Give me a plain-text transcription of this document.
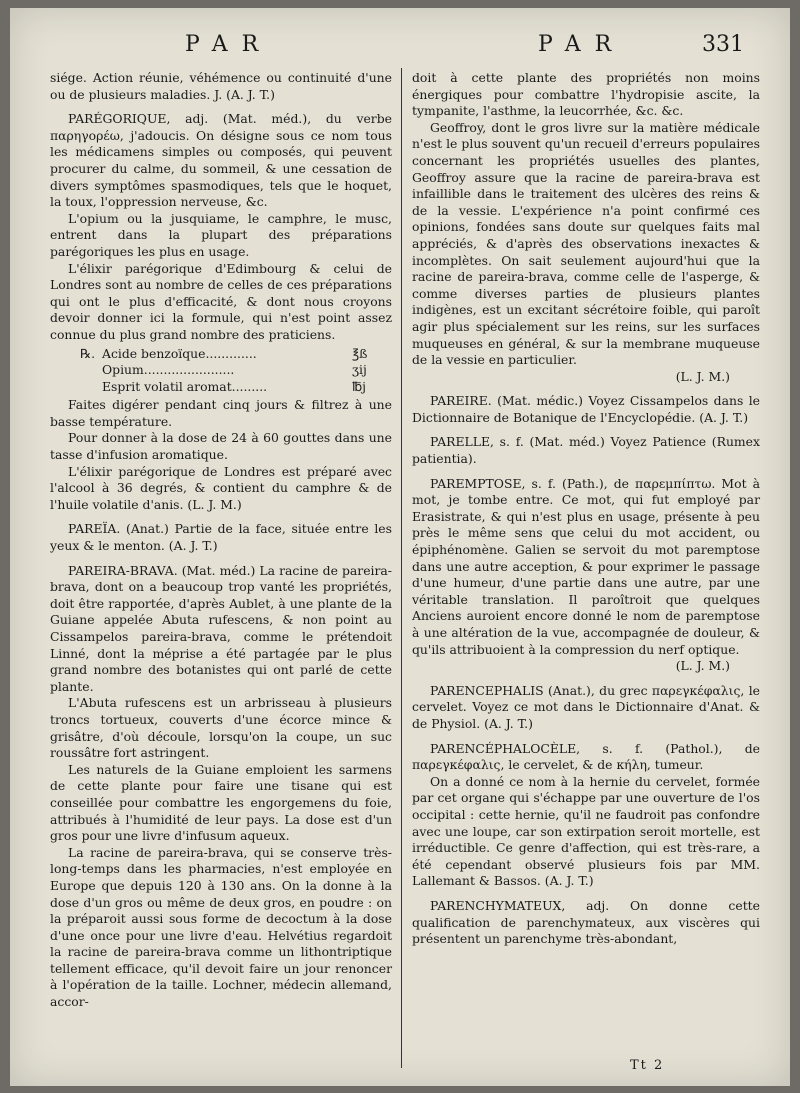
PAR	PAR	331

siége. Action réunie, véhémence ou continuité d'une ou de plusieurs maladies. J. (A. J. T.)

PARÉGORIQUE, adj. (Mat. méd.), du verbe παρηγορέω, j'adoucis. On désigne sous ce nom tous les médicamens simples ou composés, qui peuvent procurer du calme, du sommeil, & une cessation de divers symptômes spasmodiques, tels que le hoquet, la toux, l'oppression nerveuse, &c.

L'opium ou la jusquiame, le camphre, le musc, entrent dans la plupart des préparations parégoriques les plus en usage.

L'élixir parégorique d'Edimbourg & celui de Londres sont au nombre de celles de ces préparations qui ont le plus d'efficacité, & dont nous croyons devoir donner ici la formule, qui n'est point assez connue du plus grand nombre des praticiens.

℞. Acide benzoïque.............	℥ß
Opium.......................	ʒij
Esprit volatil aromat.........	℔j

Faites digérer pendant cinq jours & filtrez à une basse température.

Pour donner à la dose de 24 à 60 gouttes dans une tasse d'infusion aromatique.

L'élixir parégorique de Londres est préparé avec l'alcool à 36 degrés, & contient du camphre & de l'huile volatile d'anis. (L. J. M.)

PAREÏA. (Anat.) Partie de la face, située entre les yeux & le menton. (A. J. T.)

PAREIRA-BRAVA. (Mat. méd.) La racine de pareira-brava, dont on a beaucoup trop vanté les propriétés, doit être rapportée, d'après Aublet, à une plante de la Guiane appelée Abuta rufescens, & non point au Cissampelos pareira-brava, comme le prétendoit Linné, dont la méprise a été partagée par le plus grand nombre des botanistes qui ont parlé de cette plante.

L'Abuta rufescens est un arbrisseau à plusieurs troncs tortueux, couverts d'une écorce mince & grisâtre, d'où découle, lorsqu'on la coupe, un suc roussâtre fort astringent.

Les naturels de la Guiane emploient les sarmens de cette plante pour faire une tisane qui est conseillée pour combattre les engorgemens du foie, attribués à l'humidité de leur pays. La dose est d'un gros pour une livre d'infusum aqueux.

La racine de pareira-brava, qui se conserve très-long-temps dans les pharmacies, n'est employée en Europe que depuis 120 à 130 ans. On la donne à la dose d'un gros ou même de deux gros, en poudre : on la préparoit aussi sous forme de decoctum à la dose d'une once pour une livre d'eau. Helvétius regardoit la racine de pareira-brava comme un lithontriptique tellement efficace, qu'il devoit faire un jour renoncer à l'opération de la taille. Lochner, médecin allemand, accor-

doit à cette plante des propriétés non moins énergiques pour combattre l'hydropisie ascite, la tympanite, l'asthme, la leucorrhée, &c. &c.

Geoffroy, dont le gros livre sur la matière médicale n'est le plus souvent qu'un recueil d'erreurs populaires concernant les propriétés usuelles des plantes, Geoffroy assure que la racine de pareira-brava est infaillible dans le traitement des ulcères des reins & de la vessie. L'expérience n'a point confirmé ces opinions, fondées sans doute sur quelques faits mal appréciés, & d'après des observations inexactes & incomplètes. On sait seulement aujourd'hui que la racine de pareira-brava, comme celle de l'asperge, & comme diverses parties de plusieurs plantes indigènes, est un excitant sécrétoire foible, qui paroît agir plus spécialement sur les reins, sur les surfaces muqueuses en général, & sur la membrane muqueuse de la vessie en particulier.

(L. J. M.)

PAREIRE. (Mat. médic.) Voyez Cissampelos dans le Dictionnaire de Botanique de l'Encyclopédie. (A. J. T.)

PARELLE, s. f. (Mat. méd.) Voyez Patience (Rumex patientia).

PAREMPTOSE, s. f. (Path.), de παρεμπίπτω. Mot à mot, je tombe entre. Ce mot, qui fut employé par Erasistrate, & qui n'est plus en usage, présente à peu près le même sens que celui du mot accident, ou épiphénomène. Galien se servoit du mot paremptose dans une autre acception, & pour exprimer le passage d'une humeur, d'une partie dans une autre, par une véritable translation. Il paroîtroit que quelques Anciens auroient encore donné le nom de paremptose à une altération de la vue, accompagnée de douleur, & qu'ils attribuoient à la compression du nerf optique.

(L. J. M.)

PARENCEPHALIS (Anat.), du grec παρεγκέφαλις, le cervelet. Voyez ce mot dans le Dictionnaire d'Anat. & de Physiol. (A. J. T.)

PARENCÉPHALOCÈLE, s. f. (Pathol.), de παρεγκέφαλις, le cervelet, & de κήλη, tumeur.

On a donné ce nom à la hernie du cervelet, formée par cet organe qui s'échappe par une ouverture de l'os occipital : cette hernie, qu'il ne faudroit pas confondre avec une loupe, car son extirpation seroit mortelle, est irréductible. Ce genre d'affection, qui est très-rare, a été cependant observé plusieurs fois par MM. Lallemant & Bassos. (A. J. T.)

PARENCHYMATEUX, adj. On donne cette qualification de parenchymateux, aux viscères qui présentent un parenchyme très-abondant,

Tt 2
